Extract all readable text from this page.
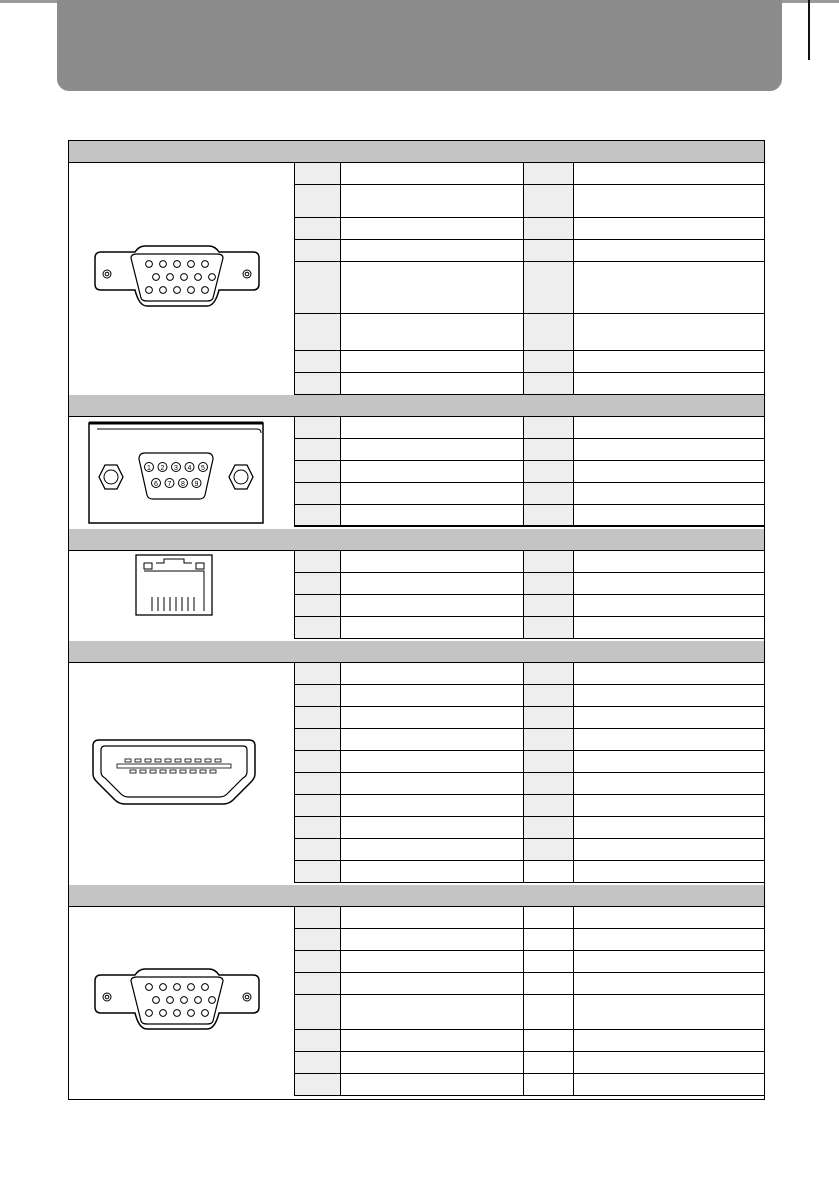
1 2 3 4 5
6 7 8 9
